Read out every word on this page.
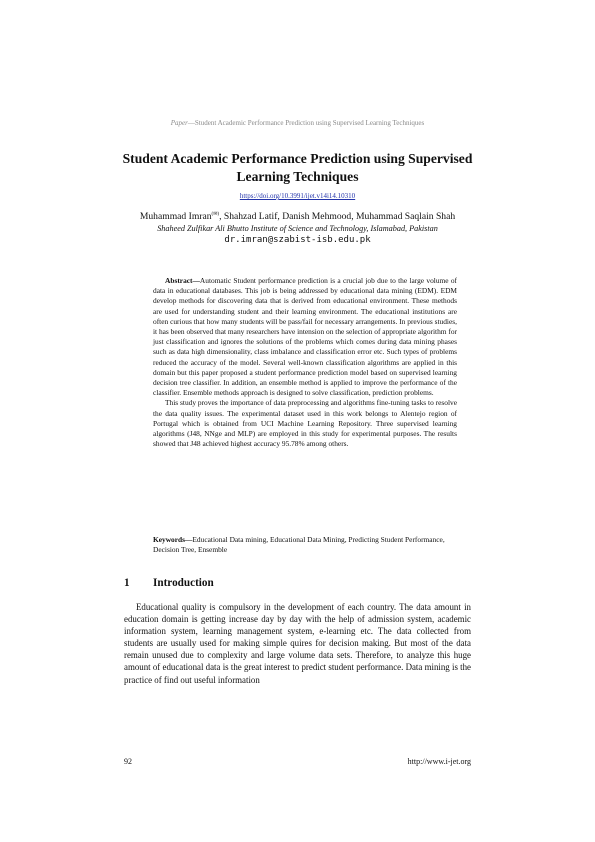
Paper—Student Academic Performance Prediction using Supervised Learning Techniques
Student Academic Performance Prediction using Supervised Learning Techniques
https://doi.org/10.3991/ijet.v14i14.10310
Muhammad Imran(✉), Shahzad Latif, Danish Mehmood, Muhammad Saqlain Shah
Shaheed Zulfikar Ali Bhutto Institute of Science and Technology, Islamabad, Pakistan
dr.imran@szabist-isb.edu.pk

Abstract—Automatic Student performance prediction is a crucial job due to the large volume of data in educational databases. This job is being addressed by educational data mining (EDM). EDM develop methods for discovering data that is derived from educational environment. These methods are used for understanding student and their learning environment. The educational institutions are often curious that how many students will be pass/fail for necessary arrangements. In previous studies, it has been observed that many researchers have intension on the selection of appropriate algorithm for just classification and ignores the solutions of the problems which comes during data mining phases such as data high dimensionality, class imbalance and classification error etc. Such types of problems reduced the accuracy of the model. Several well-known classification algorithms are applied in this domain but this paper proposed a student performance prediction model based on supervised learning decision tree classifier. In addition, an ensemble method is applied to improve the performance of the classifier. Ensemble methods approach is designed to solve classification, prediction problems.

This study proves the importance of data preprocessing and algorithms fine-tuning tasks to resolve the data quality issues. The experimental dataset used in this work belongs to Alentejo region of Portugal which is obtained from UCI Machine Learning Repository. Three supervised learning algorithms (J48, NNge and MLP) are employed in this study for experimental purposes. The results showed that J48 achieved highest accuracy 95.78% among others.

Keywords—Educational Data mining, Educational Data Mining, Predicting Student Performance, Decision Tree, Ensemble
1 Introduction

Educational quality is compulsory in the development of each country. The data amount in education domain is getting increase day by day with the help of admission system, academic information system, learning management system, e-learning etc. The data collected from students are usually used for making simple quires for decision making. But most of the data remain unused due to complexity and large volume data sets. Therefore, to analyze this huge amount of educational data is the great interest to predict student performance. Data mining is the practice of find out useful information

92	http://www.i-jet.org
